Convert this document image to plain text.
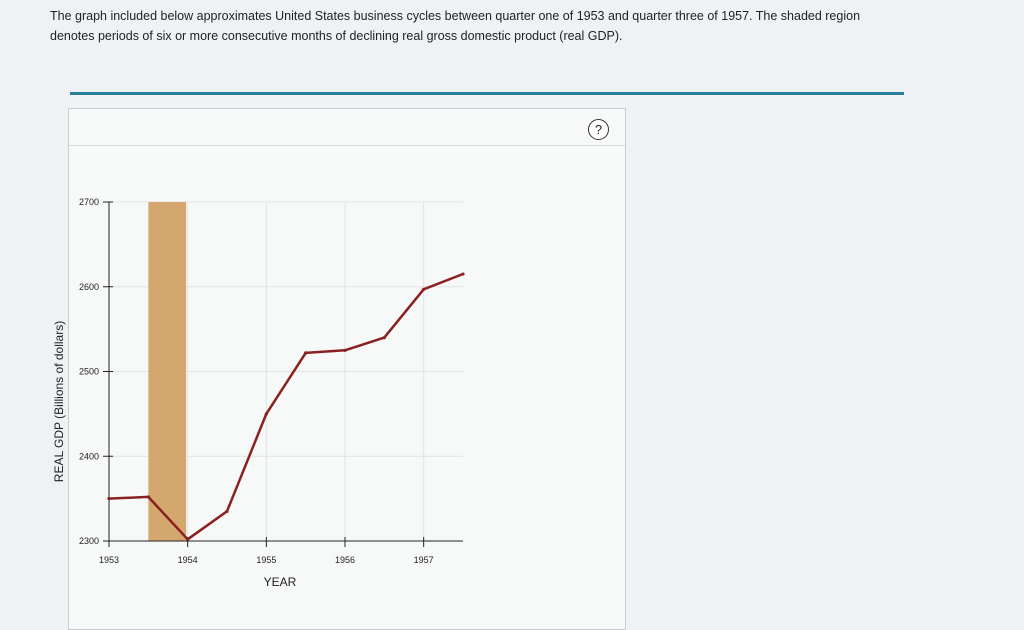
The graph included below approximates United States business cycles between quarter one of 1953 and quarter three of 1957. The shaded region
denotes periods of six or more consecutive months of declining real gross domestic product (real GDP).
?
2300
2400
2500
2600
2700
1953	1954	1955	1956	1957
YEAR
REAL GDP (Billions of dollars)
